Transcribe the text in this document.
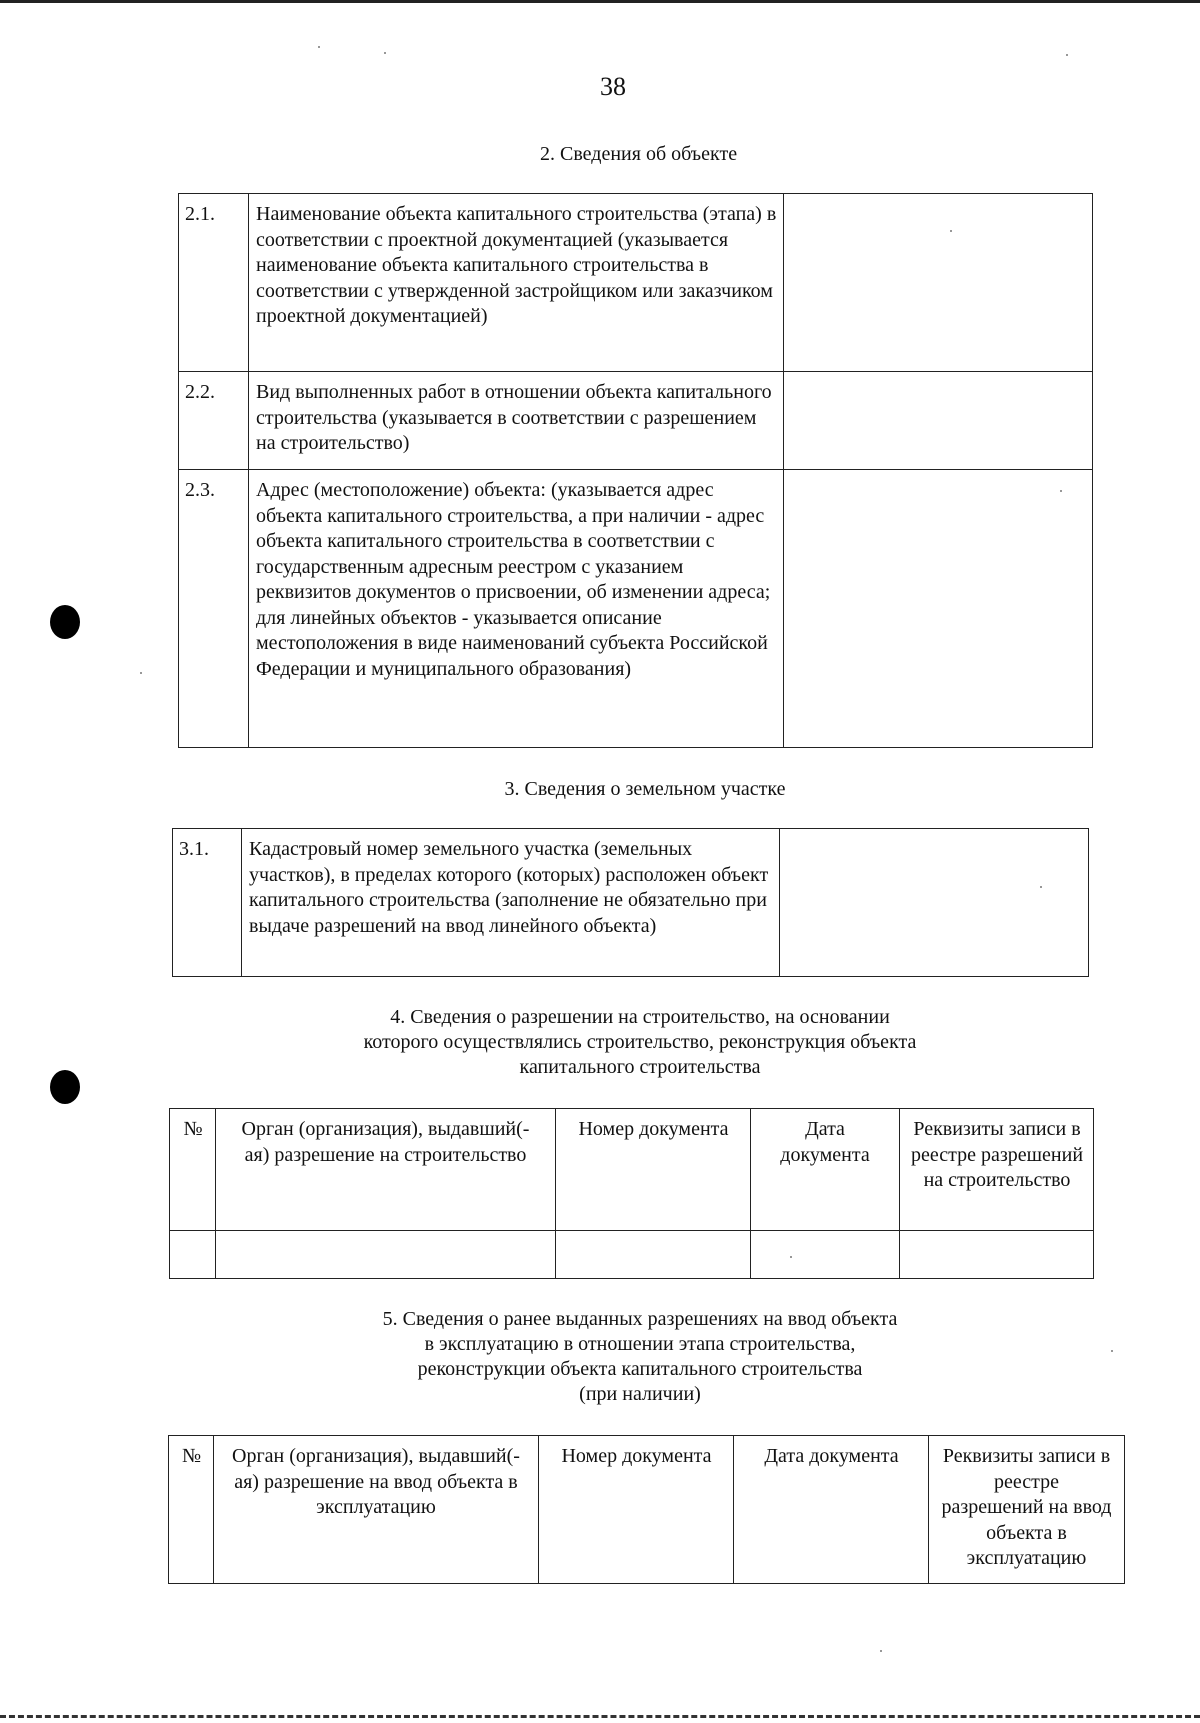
38
2. Сведения об объекте
2.1.	Наименование объекта капитального строительства (этапа) в соответствии с проектной документацией (указывается наименование объекта капитального строительства в соответствии с утвержденной застройщиком или заказчиком проектной документацией)	
2.2.	Вид выполненных работ в отношении объекта капитального строительства (указывается в соответствии с разрешением на строительство)	
2.3.	Адрес (местоположение) объекта: (указывается адрес объекта капитального строительства, а при наличии - адрес объекта капитального строительства в соответствии с государственным адресным реестром с указанием реквизитов документов о присвоении, об изменении адреса; для линейных объектов - указывается описание местоположения в виде наименований субъекта Российской Федерации и муниципального образования)	
3. Сведения о земельном участке
3.1.	Кадастровый номер земельного участка (земельных участков), в пределах которого (которых) расположен объект капитального строительства (заполнение не обязательно при выдаче разрешений на ввод линейного объекта)	
4. Сведения о разрешении на строительство, на основании
которого осуществлялись строительство, реконструкция объекта
капитального строительства
№	Орган (организация), выдавший(-ая) разрешение на строительство	Номер документа	Дата документа	Реквизиты записи в реестре разрешений на строительство

5. Сведения о ранее выданных разрешениях на ввод объекта
в эксплуатацию в отношении этапа строительства,
реконструкции объекта капитального строительства
(при наличии)
№	Орган (организация), выдавший(-ая) разрешение на ввод объекта в эксплуатацию	Номер документа	Дата документа	Реквизиты записи в реестре разрешений на ввод объекта в эксплуатацию
